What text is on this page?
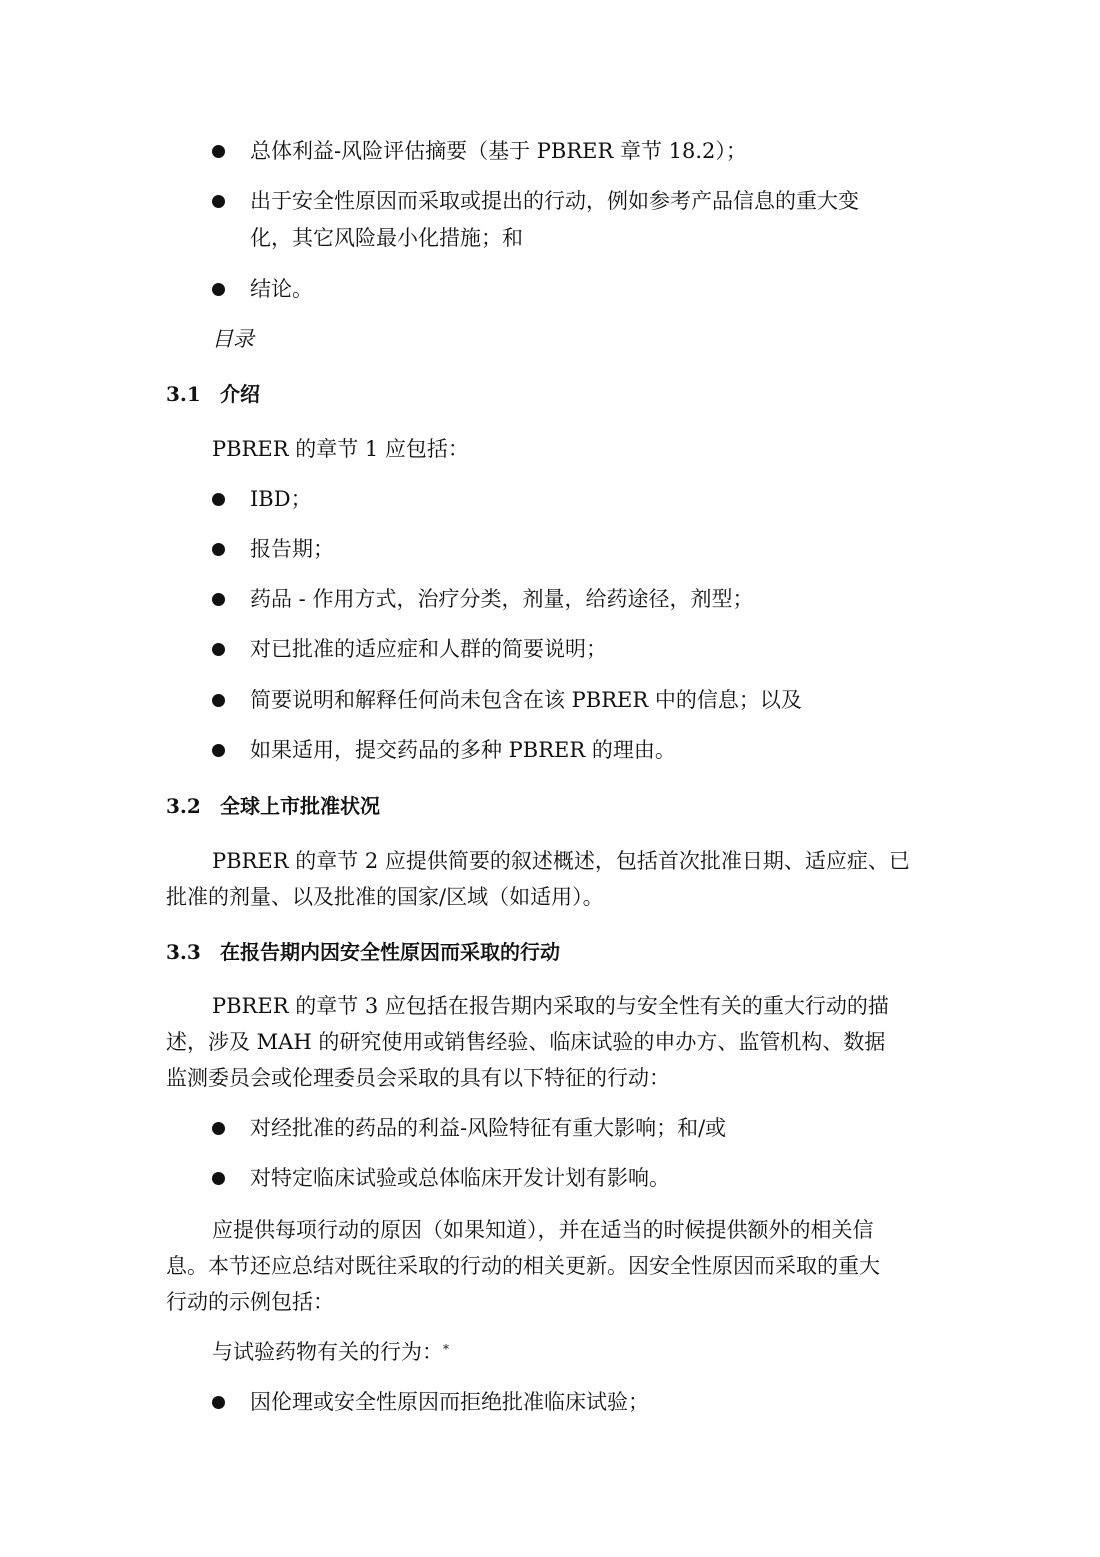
总体利益-风险评估摘要（基于 PBRER 章节 18.2）；
出于安全性原因而采取或提出的行动，例如参考产品信息的重大变
化，其它风险最小化措施；和
结论。
目录
3.1 介绍
PBRER 的章节 1 应包括：
IBD；
报告期；
药品 - 作用方式，治疗分类，剂量，给药途径，剂型；
对已批准的适应症和人群的简要说明；
简要说明和解释任何尚未包含在该 PBRER 中的信息；以及
如果适用，提交药品的多种 PBRER 的理由。
3.2 全球上市批准状况
PBRER 的章节 2 应提供简要的叙述概述，包括首次批准日期、适应症、已
批准的剂量、以及批准的国家/区域（如适用）。
3.3 在报告期内因安全性原因而采取的行动
PBRER 的章节 3 应包括在报告期内采取的与安全性有关的重大行动的描
述，涉及 MAH 的研究使用或销售经验、临床试验的申办方、监管机构、数据
监测委员会或伦理委员会采取的具有以下特征的行动：
对经批准的药品的利益-风险特征有重大影响；和/或
对特定临床试验或总体临床开发计划有影响。
应提供每项行动的原因（如果知道），并在适当的时候提供额外的相关信
息。本节还应总结对既往采取的行动的相关更新。因安全性原因而采取的重大
行动的示例包括：
与试验药物有关的行为：*
因伦理或安全性原因而拒绝批准临床试验；
